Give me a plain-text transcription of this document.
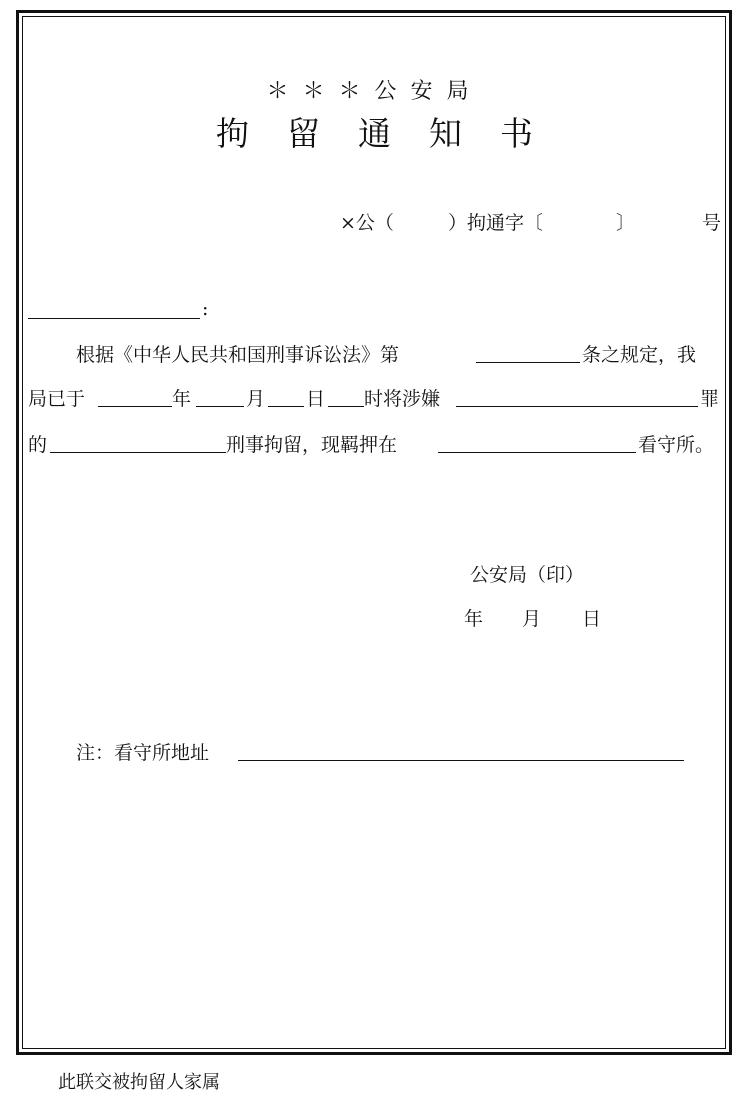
＊＊＊公安局
拘留通知书
×公（	）拘通字〔	〕	号
:
根据《中华人民共和国刑事诉讼法》第	条之规定，我
局已于	年	月 日 时将涉嫌	罪
的	刑事拘留，现羁押在	看守所。
公安局（印）
年 月 日
注：看守所地址
此联交被拘留人家属
